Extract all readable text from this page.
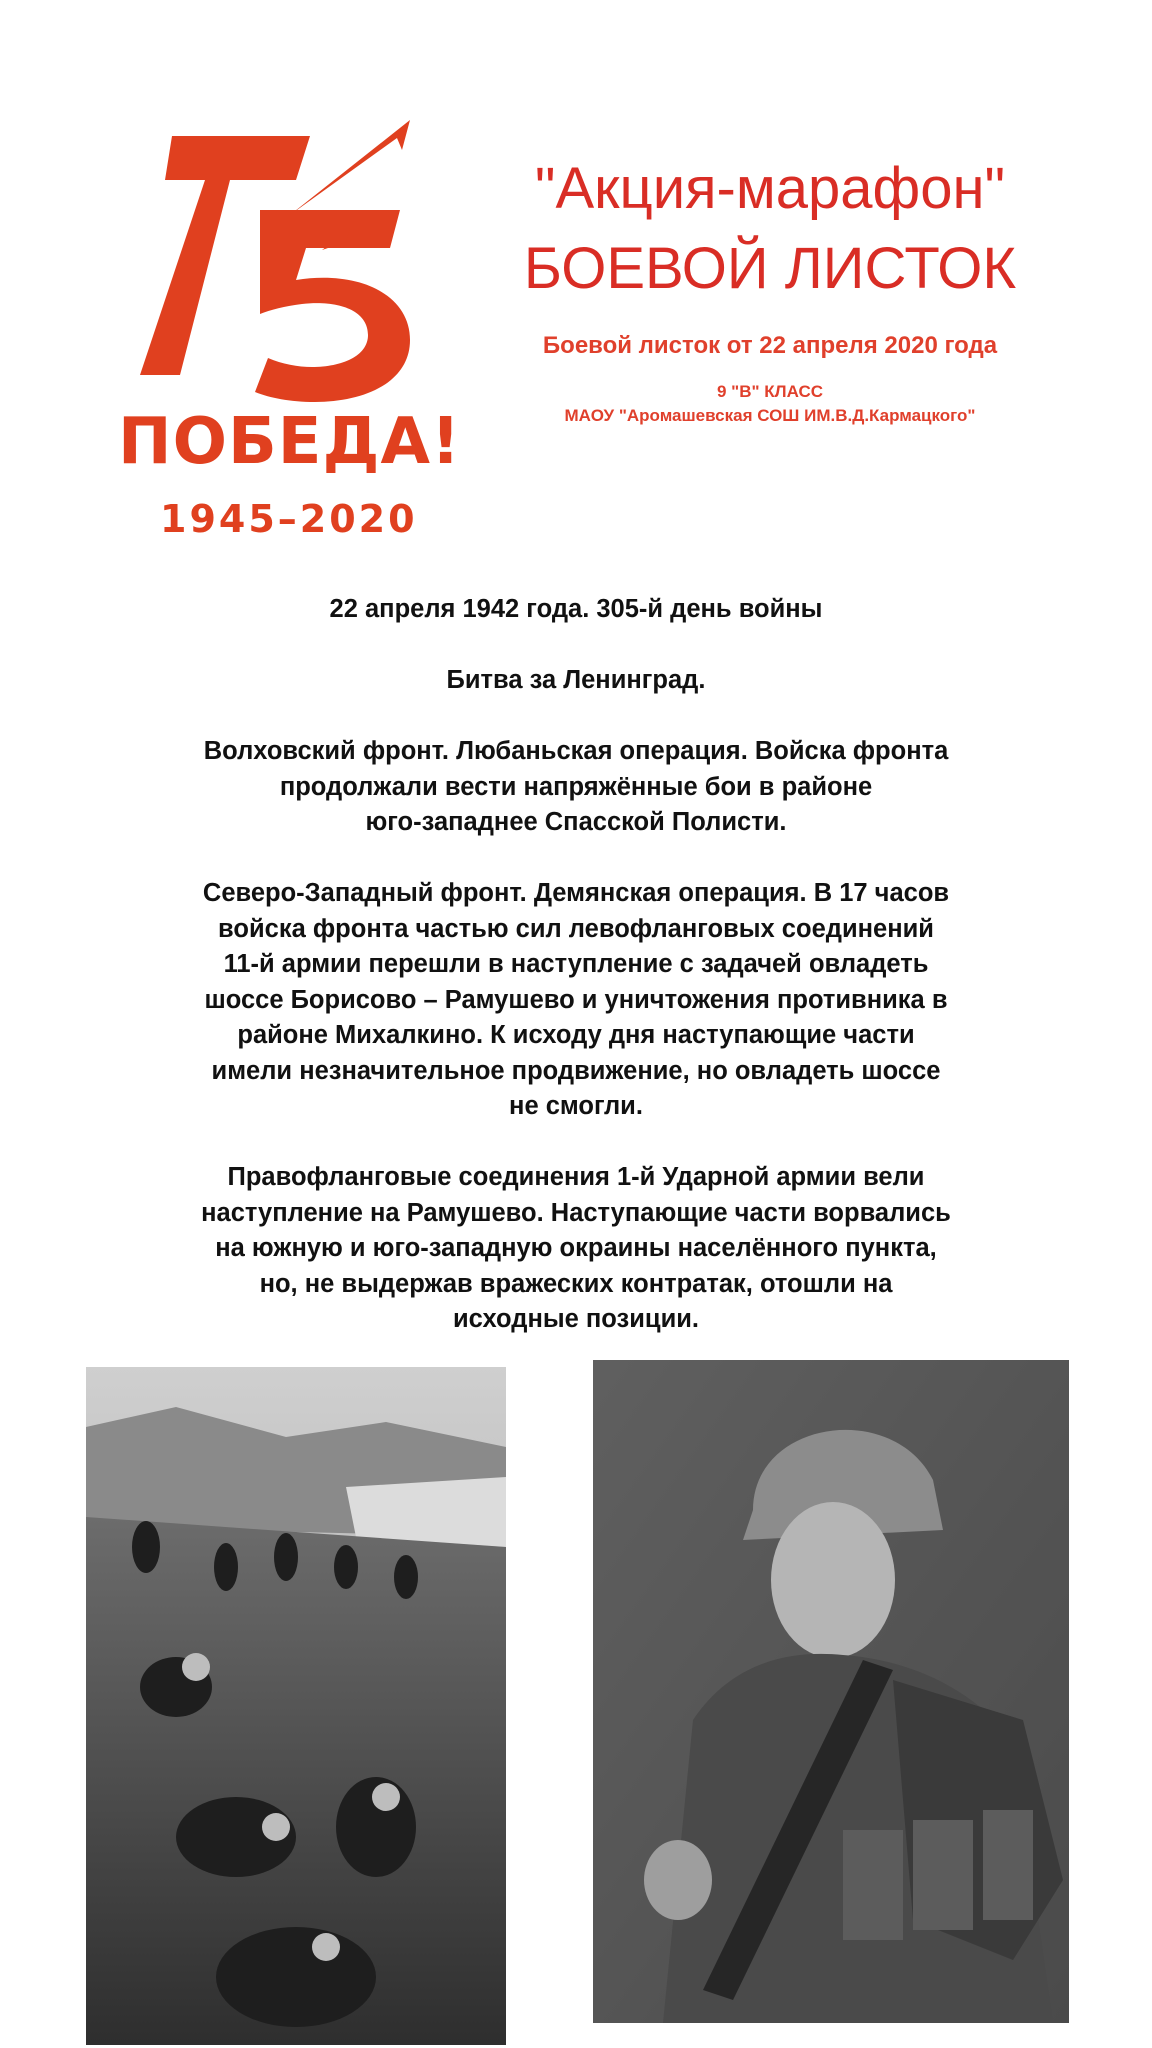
ПОБЕДА!
1945–2020
"Акция-марафон"
БОЕВОЙ ЛИСТОК
Боевой листок от 22 апреля 2020 года
9 "В" КЛАСС
МАОУ "Аромашевская СОШ ИМ.В.Д.Кармацкого"

22 апреля 1942 года. 305-й день войны

Битва за Ленинград.

Волховский фронт. Любаньская операция. Войска фронта
продолжали вести напряжённые бои в районе
юго-западнее Спасской Полисти.

Северо-Западный фронт. Демянская операция. В 17 часов
войска фронта частью сил левофланговых соединений
11-й армии перешли в наступление с задачей овладеть
шоссе Борисово – Рамушево и уничтожения противника в
районе Михалкино. К исходу дня наступающие части
имели незначительное продвижение, но овладеть шоссе
не смогли.

Правофланговые соединения 1-й Ударной армии вели
наступление на Рамушево. Наступающие части ворвались
на южную и юго-западную окраины населённого пункта,
но, не выдержав вражеских контратак, отошли на
исходные позиции.
